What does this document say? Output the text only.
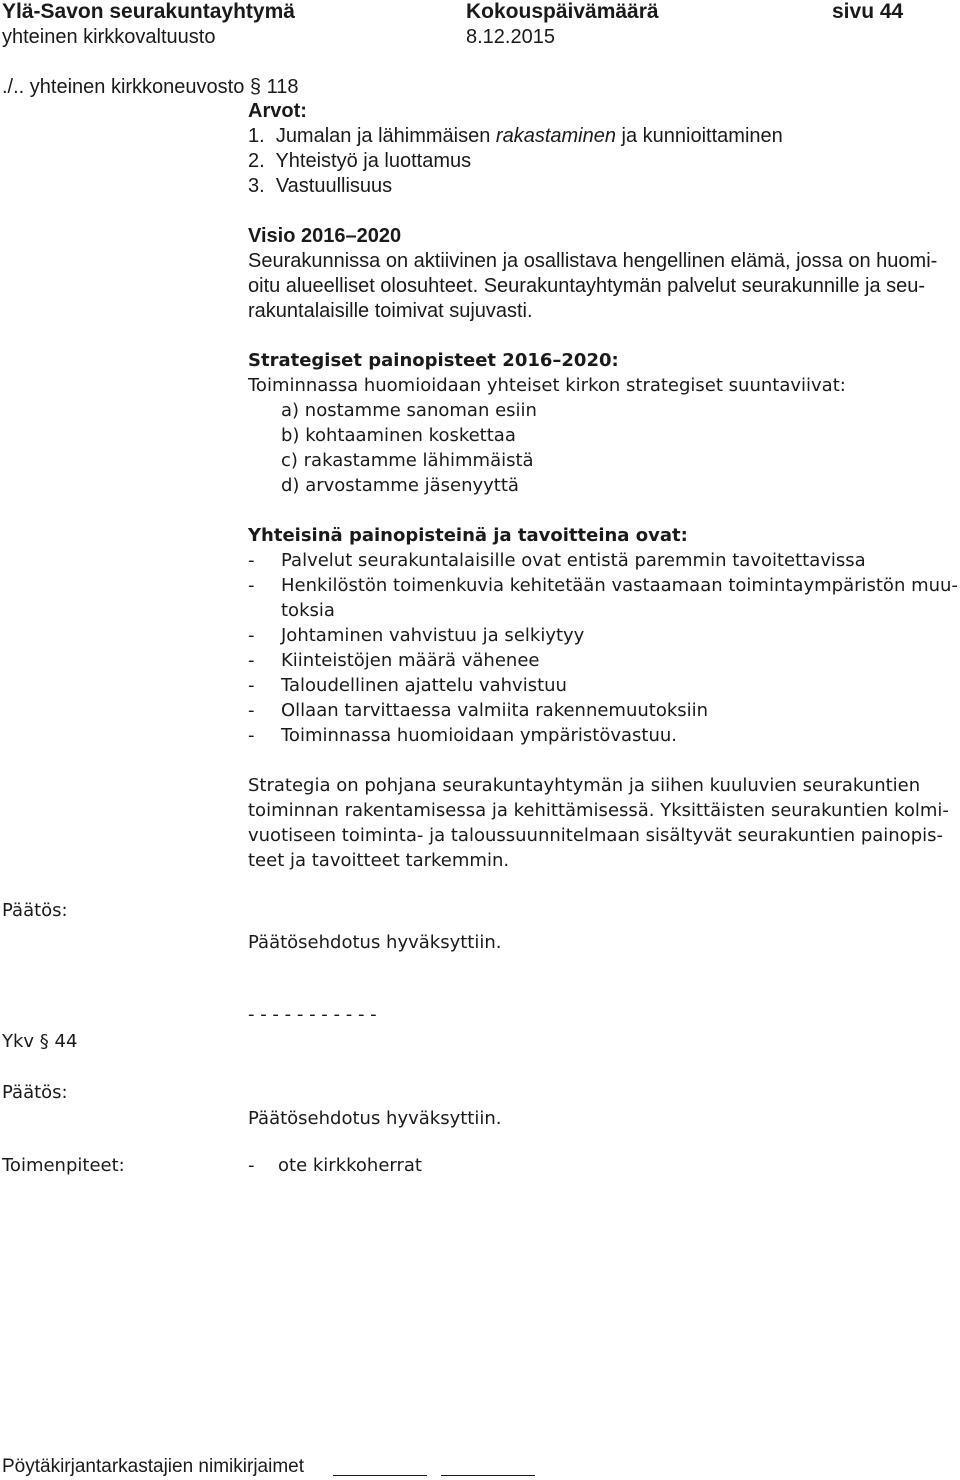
Ylä-Savon seurakuntayhtymä
yhteinen kirkkovaltuusto
Kokouspäivämäärä
8.12.2015
sivu 44
./.. yhteinen kirkkoneuvosto § 118
Arvot:
1. Jumalan ja lähimmäisen rakastaminen ja kunnioittaminen
2. Yhteistyö ja luottamus
3. Vastuullisuus
Visio 2016–2020
Seurakunnissa on aktiivinen ja osallistava hengellinen elämä, jossa on huomi-
oitu alueelliset olosuhteet. Seurakuntayhtymän palvelut seurakunnille ja seu-
rakuntalaisille toimivat sujuvasti.
Strategiset painopisteet 2016–2020:
Toiminnassa huomioidaan yhteiset kirkon strategiset suuntaviivat:
a) nostamme sanoman esiin
b) kohtaaminen koskettaa
c) rakastamme lähimmäistä
d) arvostamme jäsenyyttä
Yhteisinä painopisteinä ja tavoitteina ovat:
- Palvelut seurakuntalaisille ovat entistä paremmin tavoitettavissa
- Henkilöstön toimenkuvia kehitetään vastaamaan toimintaympäristön muu-
toksia
- Johtaminen vahvistuu ja selkiytyy
- Kiinteistöjen määrä vähenee
- Taloudellinen ajattelu vahvistuu
- Ollaan tarvittaessa valmiita rakennemuutoksiin
- Toiminnassa huomioidaan ympäristövastuu.
Strategia on pohjana seurakuntayhtymän ja siihen kuuluvien seurakuntien
toiminnan rakentamisessa ja kehittämisessä. Yksittäisten seurakuntien kolmi-
vuotiseen toiminta- ja taloussuunnitelmaan sisältyvät seurakuntien painopis-
teet ja tavoitteet tarkemmin.
Päätös:
Päätösehdotus hyväksyttiin.
- - - - - - - - - - -
Ykv § 44
Päätös:
Päätösehdotus hyväksyttiin.
Toimenpiteet:	- ote kirkkoherrat
Pöytäkirjantarkastajien nimikirjaimet
